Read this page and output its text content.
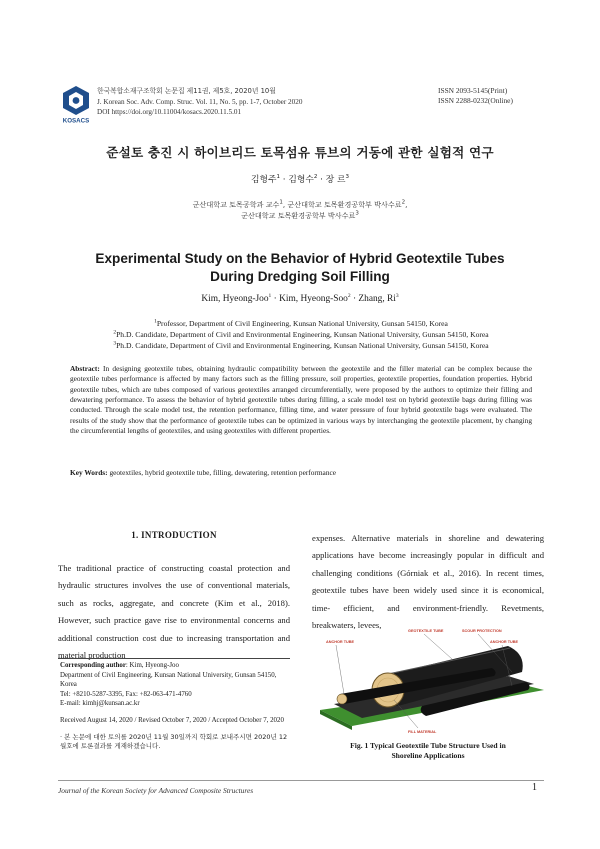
KOSACS
한국복합소재구조학회 논문집 제11권, 제5호, 2020년 10월
J. Korean Soc. Adv. Comp. Struc. Vol. 11, No. 5, pp. 1-7, October 2020
DOI https://doi.org/10.11004/kosacs.2020.11.5.01
ISSN 2093-5145(Print)
ISSN 2288-0232(Online)
준설토 충진 시 하이브리드 토목섬유 튜브의 거동에 관한 실험적 연구
김형주$^1$ · 김형수$^2$ · 장 르$^3$
군산대학교 토목공학과 교수$^1$, 군산대학교 토목환경공학부 박사수료$^2$,
군산대학교 토목환경공학부 박사수료$^3$
Experimental Study on the Behavior of Hybrid Geotextile Tubes
During Dredging Soil Filling
Kim, Hyeong-Joo$^1$ · Kim, Hyeong-Soo$^2$ · Zhang, Ri$^3$
$^1$Professor, Department of Civil Engineering, Kunsan National University, Gunsan 54150, Korea
$^2$Ph.D. Candidate, Department of Civil and Environmental Engineering, Kunsan National University, Gunsan 54150, Korea
$^3$Ph.D. Candidate, Department of Civil and Environmental Engineering, Kunsan National University, Gunsan 54150, Korea
Abstract: In designing geotextile tubes, obtaining hydraulic compatibility between the geotextile and the filler material can be complex because the geotextile tubes performance is affected by many factors such as the filling pressure, soil properties, geotextile properties, foundation properties. Hybrid geotextile tubes, which are tubes composed of various geotextiles arranged circumferentially, were proposed by the authors to optimize their filling and dewatering performance. To assess the behavior of hybrid geotextile tubes during filling, a scale model test on hybrid geotextile bags during filling was conducted. Through the scale model test, the retention performance, filling time, and water pressure of four hybrid geotextile bags were evaluated. The results of the study show that the performance of geotextile tubes can be optimized in various ways by interchanging the geotextile placement, by changing the circumferential lengths of geotextiles, and using geotextiles with different properties.
Key Words: geotextiles, hybrid geotextile tube, filling, dewatering, retention performance
1. INTRODUCTION
The traditional practice of constructing coastal protection and hydraulic structures involves the use of conventional materials, such as rocks, aggregate, and concrete (Kim et al., 2018). However, such practice gave rise to environmental concerns and additional construction cost due to increasing transportation and material production
expenses. Alternative materials in shoreline and dewatering applications have become increasingly popular in difficult and challenging conditions (Górniak et al., 2016). In recent times, geotextile tubes have been widely used since it is economical, time- efficient, and environment-friendly. Revetments, breakwaters, levees,
Corresponding author: Kim, Hyeong-Joo
Department of Civil Engineering, Kunsan National University, Gunsan 54150, Korea
Tel: +8210-5287-3395, Fax: +82-063-471-4760
E-mail: kimhj@kunsan.ac.kr
Received August 14, 2020 / Revised October 7, 2020 / Accepted October 7, 2020
· 본 논문에 대한 토의를 2020년 11월 30일까지 학회로 보내주시면 2020년 12월호에 토론결과를 게재하겠습니다.
ANCHOR TUBE
GEOTEXTILE TUBE	SCOUR PROTECTION
ANCHOR TUBE
FILL MATERIAL
Fig. 1 Typical Geotextile Tube Structure Used in
Shoreline Applications
Journal of the Korean Society for Advanced Composite Structures	1
